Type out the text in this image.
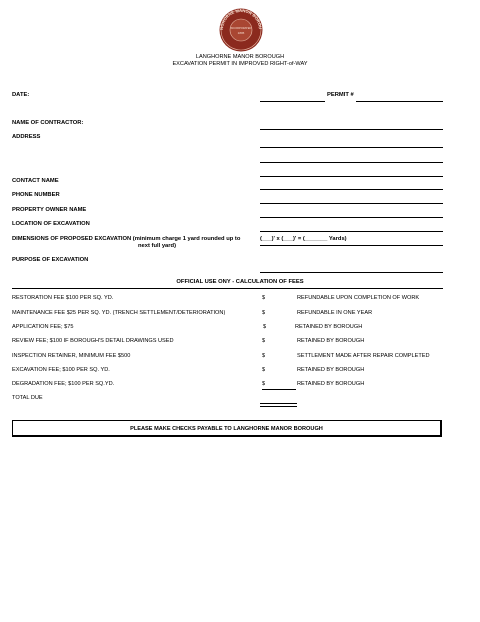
NGHORNE MANOR BOROU
INCORPORATED
1895
LANGHORNE MANOR BOROUGH
EXCAVATION PERMIT IN IMPROVED RIGHT-of-WAY
DATE:	PERMIT #
NAME OF CONTRACTOR:
ADDRESS
CONTACT NAME
PHONE NUMBER
PROPERTY OWNER NAME
LOCATION OF EXCAVATION
DIMENSIONS OF PROPOSED EXCAVATION (minimum charge 1 yard rounded up to
next full yard)
(___)' x (___)' = (_______ Yards)
PURPOSE OF EXCAVATION
OFFICIAL USE ONY - CALCULATION OF FEES
RESTORATION FEE $100 PER SQ. YD.	$	REFUNDABLE UPON COMPLETION OF WORK
MAINTENANCE FEE $25 PER SQ. YD. (TRENCH SETTLEMENT/DETERIORATION)	$	REFUNDABLE IN ONE YEAR
APPLICATION FEE; $75	$	RETAINED BY BOROUGH
REVIEW FEE; $100 IF BOROUGH'S DETAIL DRAWINGS USED	$	RETAINED BY BOROUGH
INSPECTION RETAINER, MINIMUM FEE $500	$	SETTLEMENT MADE AFTER REPAIR COMPLETED
EXCAVATION FEE; $100 PER SQ. YD.	$	RETAINED BY BOROUGH
DEGRADATION FEE; $100 PER SQ.YD.	$	RETAINED BY BOROUGH
TOTAL DUE
PLEASE MAKE CHECKS PAYABLE TO LANGHORNE MANOR BOROUGH
